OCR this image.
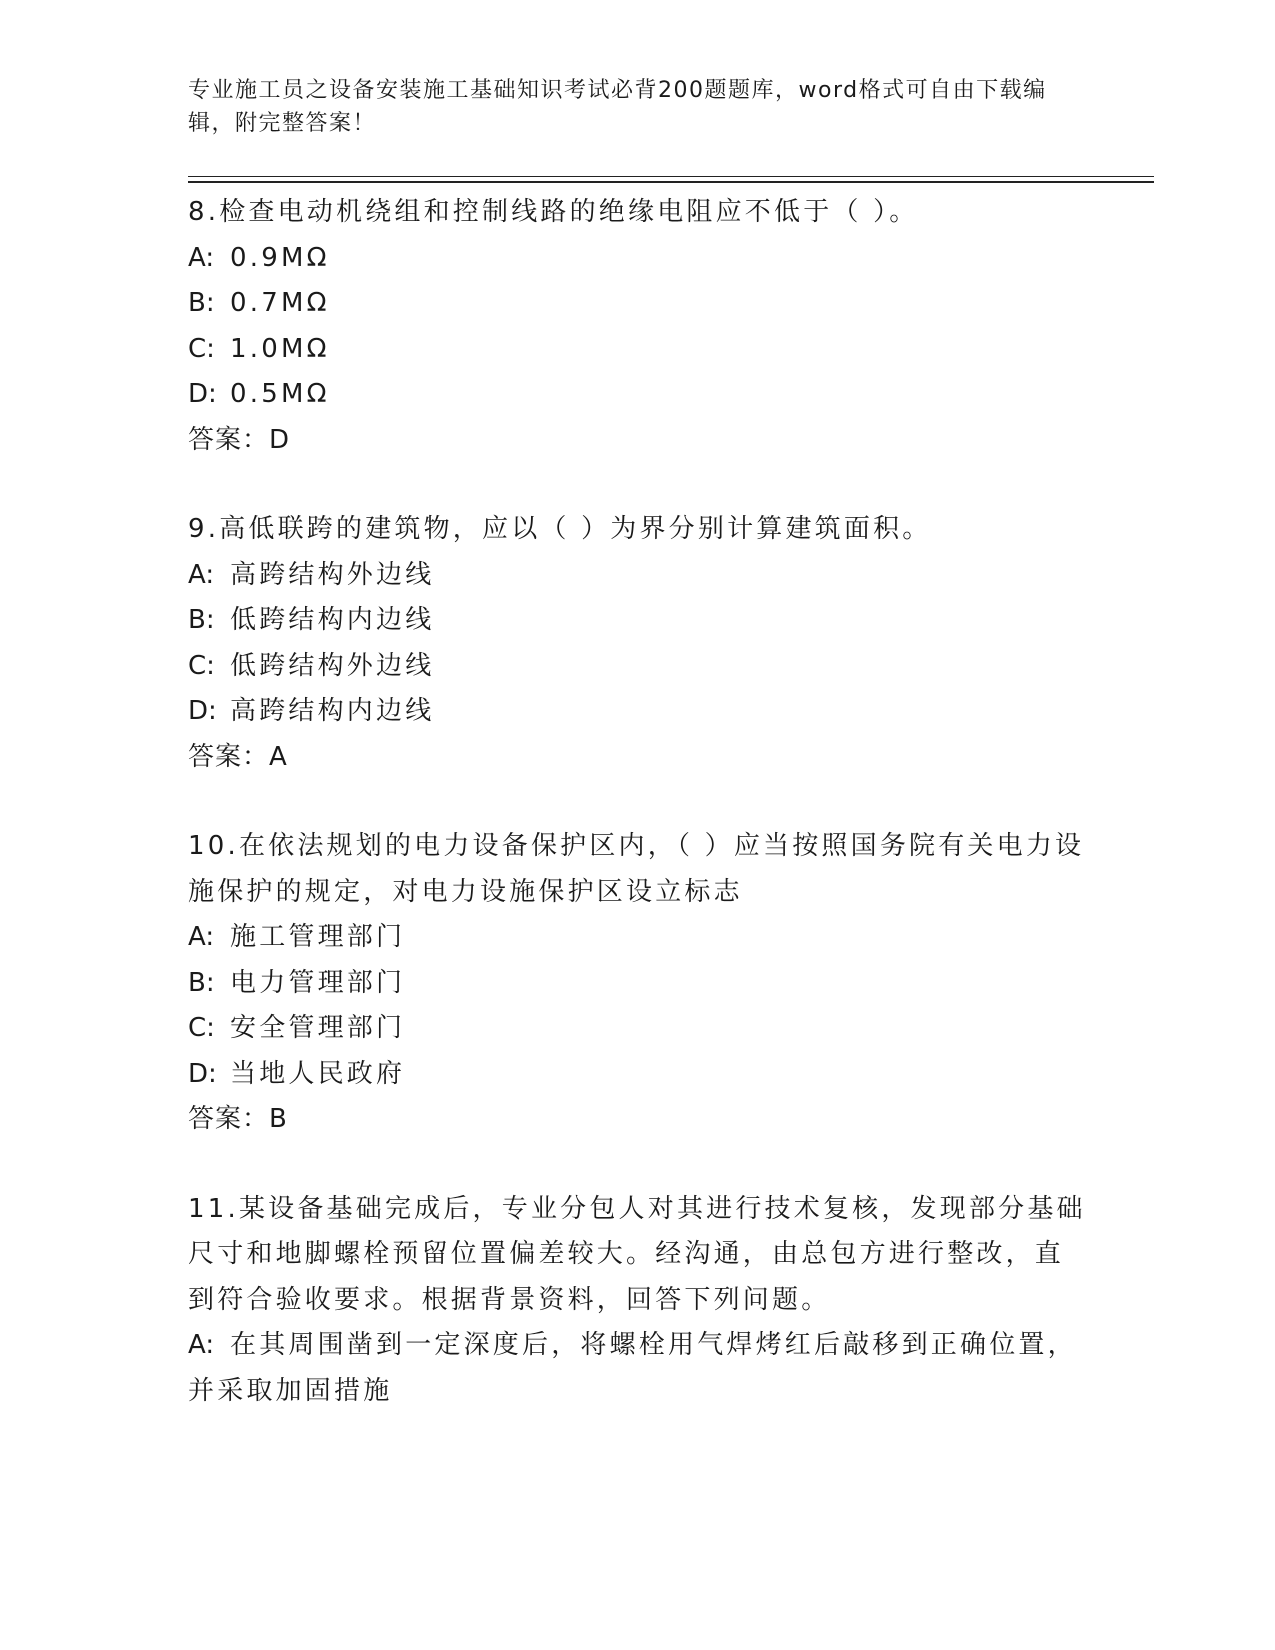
专业施工员之设备安装施工基础知识考试必背200题题库，word格式可自由下载编辑，附完整答案！
8.检查电动机绕组和控制线路的绝缘电阻应不低于（ ）。
A: 0.9MΩ
B: 0.7MΩ
C: 1.0MΩ
D: 0.5MΩ
答案：D
9.高低联跨的建筑物，应以（ ）为界分别计算建筑面积。
A: 高跨结构外边线
B: 低跨结构内边线
C: 低跨结构外边线
D: 高跨结构内边线
答案：A
10.在依法规划的电力设备保护区内，（ ）应当按照国务院有关电力设施保护的规定，对电力设施保护区设立标志
A: 施工管理部门
B: 电力管理部门
C: 安全管理部门
D: 当地人民政府
答案：B
11.某设备基础完成后，专业分包人对其进行技术复核，发现部分基础尺寸和地脚螺栓预留位置偏差较大。经沟通，由总包方进行整改，直到符合验收要求。根据背景资料，回答下列问题。
A: 在其周围凿到一定深度后，将螺栓用气焊烤红后敲移到正确位置，并采取加固措施
